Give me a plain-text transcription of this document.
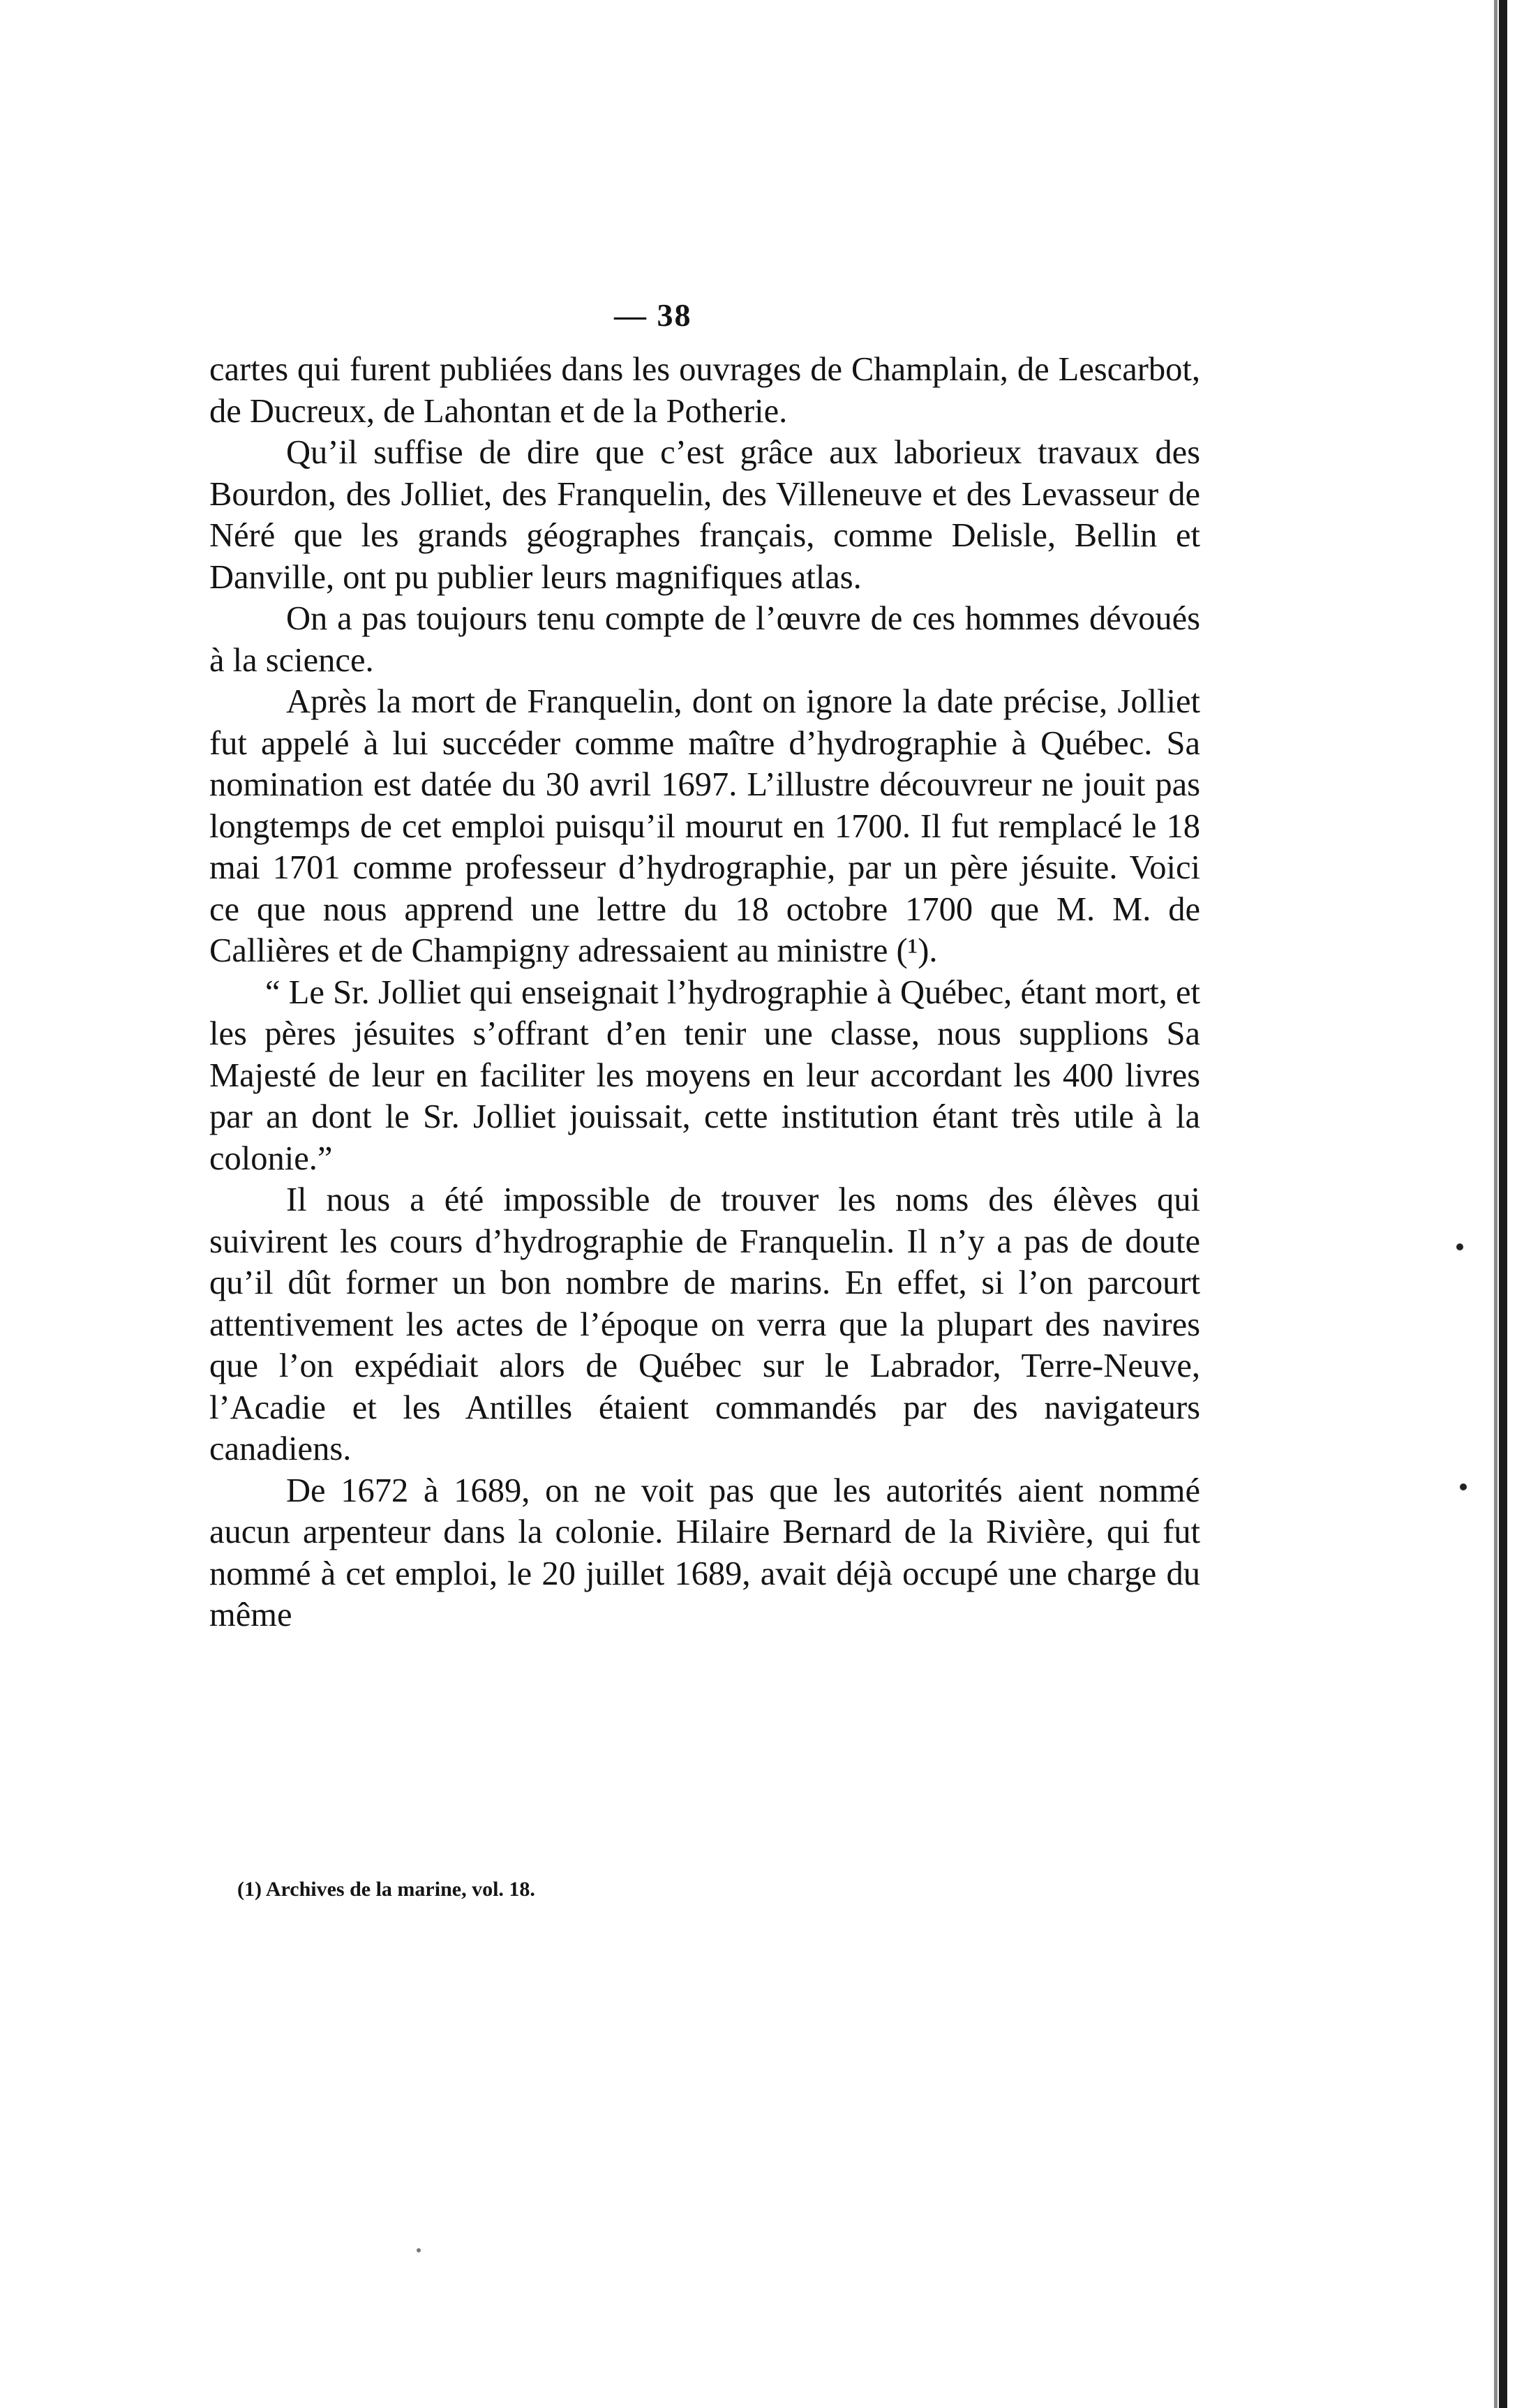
— 38

cartes qui furent publiées dans les ouvrages de Champlain, de Lescarbot, de Ducreux, de Lahontan et de la Potherie.

Qu’il suffise de dire que c’est grâce aux laborieux travaux des Bourdon, des Jolliet, des Franquelin, des Villeneuve et des Levasseur de Néré que les grands géographes français, comme Delisle, Bellin et Danville, ont pu publier leurs magnifiques atlas.

On a pas toujours tenu compte de l’œuvre de ces hommes dévoués à la science.

Après la mort de Franquelin, dont on ignore la date précise, Jolliet fut appelé à lui succéder comme maître d’hydrographie à Québec. Sa nomination est datée du 30 avril 1697. L’illustre découvreur ne jouit pas longtemps de cet emploi puisqu’il mourut en 1700. Il fut remplacé le 18 mai 1701 comme professeur d’hydrographie, par un père jésuite. Voici ce que nous apprend une lettre du 18 octobre 1700 que M. M. de Callières et de Champigny adressaient au ministre (¹).

“ Le Sr. Jolliet qui enseignait l’hydrographie à Québec, étant mort, et les pères jésuites s’offrant d’en tenir une classe, nous supplions Sa Majesté de leur en faciliter les moyens en leur accordant les 400 livres par an dont le Sr. Jolliet jouissait, cette institution étant très utile à la colonie.”

Il nous a été impossible de trouver les noms des élèves qui suivirent les cours d’hydrographie de Franquelin. Il n’y a pas de doute qu’il dût former un bon nombre de marins. En effet, si l’on parcourt attentivement les actes de l’époque on verra que la plupart des navires que l’on expédiait alors de Québec sur le Labrador, Terre-Neuve, l’Acadie et les Antilles étaient commandés par des navigateurs canadiens.

De 1672 à 1689, on ne voit pas que les autorités aient nommé aucun arpenteur dans la colonie. Hilaire Bernard de la Rivière, qui fut nommé à cet emploi, le 20 juillet 1689, avait déjà occupé une charge du même

(1) Archives de la marine, vol. 18.
